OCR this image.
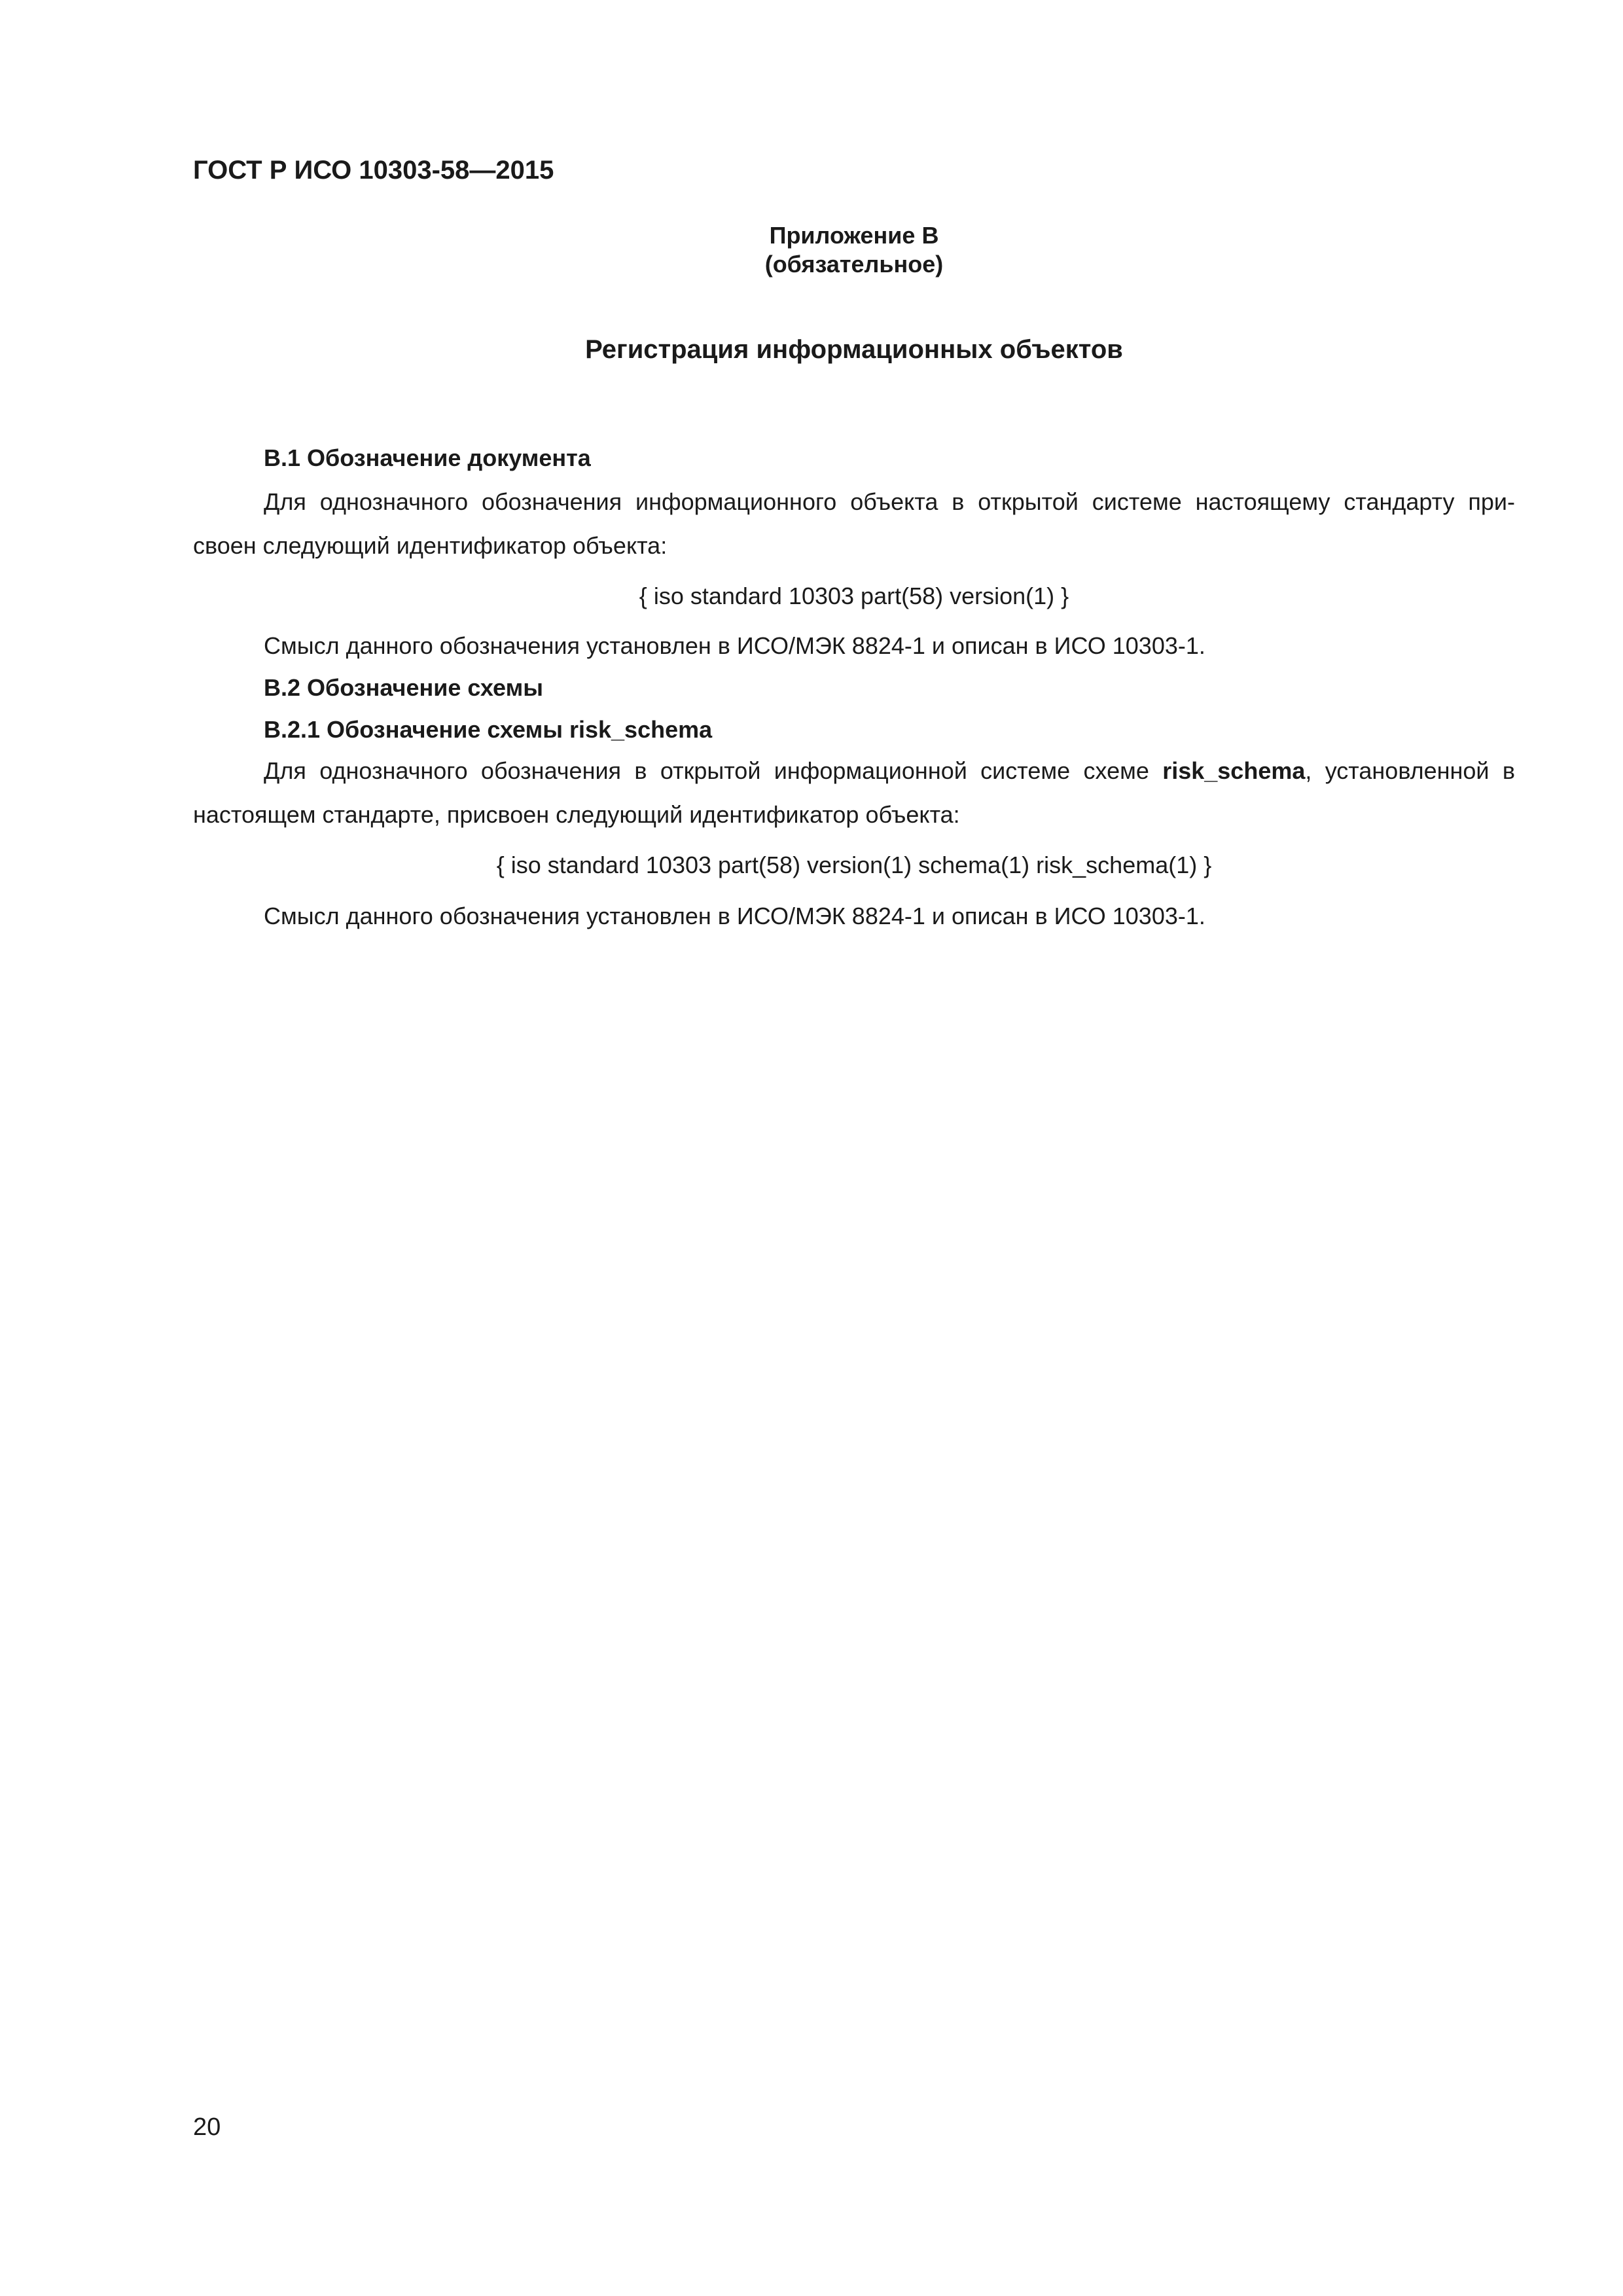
ГОСТ Р ИСО 10303-58—2015
Приложение В
(обязательное)
Регистрация информационных объектов
В.1 Обозначение документа
Для однозначного обозначения информационного объекта в открытой системе настоящему стандарту при-
своен следующий идентификатор объекта:
{ iso standard 10303 part(58) version(1) }
Смысл данного обозначения установлен в ИСО/МЭК 8824-1 и описан в ИСО 10303-1.
В.2 Обозначение схемы
В.2.1 Обозначение схемы risk_schema
Для однозначного обозначения в открытой информационной системе схеме risk_schema, установленной в
настоящем стандарте, присвоен следующий идентификатор объекта:
{ iso standard 10303 part(58) version(1) schema(1) risk_schema(1) }
Смысл данного обозначения установлен в ИСО/МЭК 8824-1 и описан в ИСО 10303-1.
20
